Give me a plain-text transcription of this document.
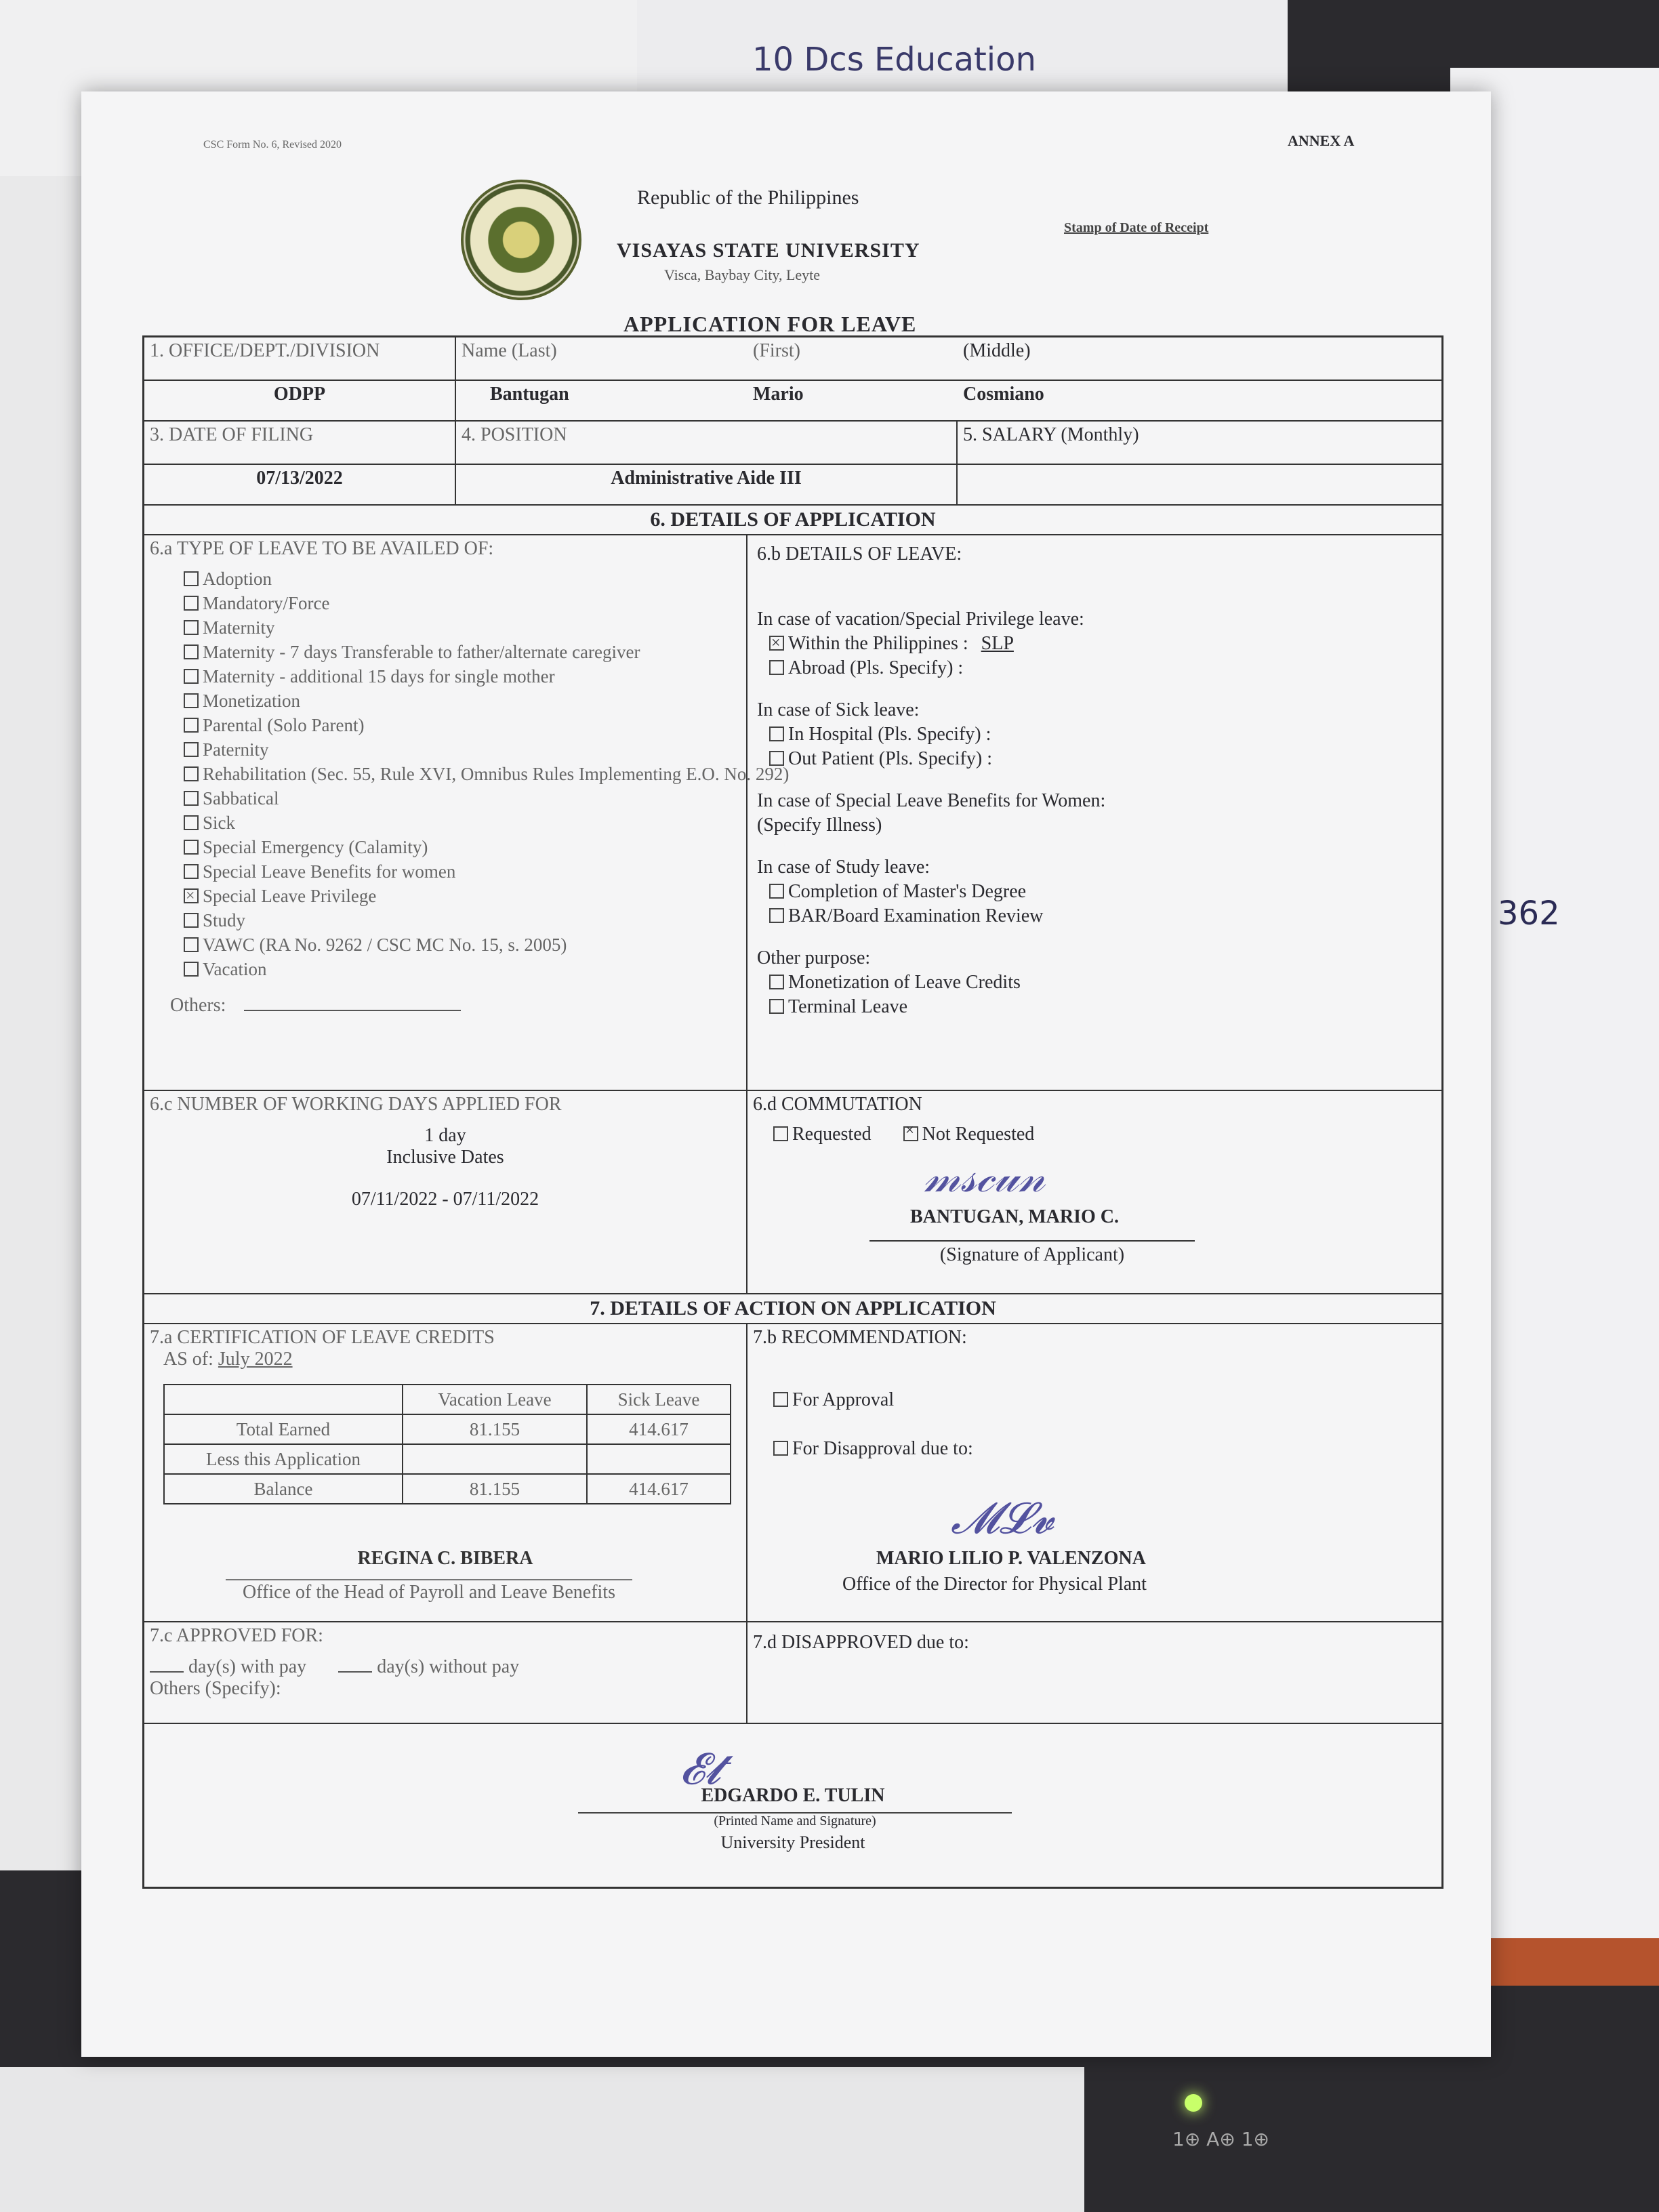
10 Dcs Education
362
1⊕ A⊕ 1⊕
CSC Form No. 6, Revised 2020	ANNEX A
Republic of the Philippines
VISAYAS STATE UNIVERSITY
Visca, Baybay City, Leyte
Stamp of Date of Receipt
APPLICATION FOR LEAVE
1. OFFICE/DEPT./DIVISION	Name (Last)	(First)	(Middle)
ODPP	Bantugan	Mario	Cosmiano
3. DATE OF FILING	4. POSITION	5. SALARY (Monthly)
07/13/2022	Administrative Aide III
6. DETAILS OF APPLICATION
6.a TYPE OF LEAVE TO BE AVAILED OF:
Adoption
Mandatory/Force
Maternity
Maternity - 7 days Transferable to father/alternate caregiver
Maternity - additional 15 days for single mother
Monetization
Parental (Solo Parent)
Paternity
Rehabilitation (Sec. 55, Rule XVI, Omnibus Rules Implementing E.O. No. 292)
Sabbatical
Sick
Special Emergency (Calamity)
Special Leave Benefits for women
×Special Leave Privilege
Study
VAWC (RA No. 9262 / CSC MC No. 15, s. 2005)
Vacation
Others:
6.b DETAILS OF LEAVE:
In case of vacation/Special Privilege leave:
×Within the Philippines : SLP
Abroad (Pls. Specify) :
In case of Sick leave:
In Hospital (Pls. Specify) :
Out Patient (Pls. Specify) :
In case of Special Leave Benefits for Women:
(Specify Illness)
In case of Study leave:
Completion of Master's Degree
BAR/Board Examination Review
Other purpose:
Monetization of Leave Credits
Terminal Leave
6.c NUMBER OF WORKING DAYS APPLIED FOR
1 day
Inclusive Dates
07/11/2022 - 07/11/2022
6.d COMMUTATION
Requested ×	Not Requested
𝓂𝓈𝒸𝓊𝓃
BANTUGAN, MARIO C.
(Signature of Applicant)
7. DETAILS OF ACTION ON APPLICATION
7.a CERTIFICATION OF LEAVE CREDITS
AS of: July 2022
	Vacation Leave	Sick Leave
Total Earned	81.155	414.617
Less this Application		
Balance	81.155	414.617
REGINA C. BIBERA
Office of the Head of Payroll and Leave Benefits
7.b RECOMMENDATION:
For Approval
For Disapproval due to:
𝓜𝓛𝓿
MARIO LILIO P. VALENZONA
Office of the Director for Physical Plant
7.c APPROVED FOR:
day(s) with pay	day(s) without pay
Others (Specify):
7.d DISAPPROVED due to:
𝓔𝓽
EDGARDO E. TULIN
(Printed Name and Signature)
University President
